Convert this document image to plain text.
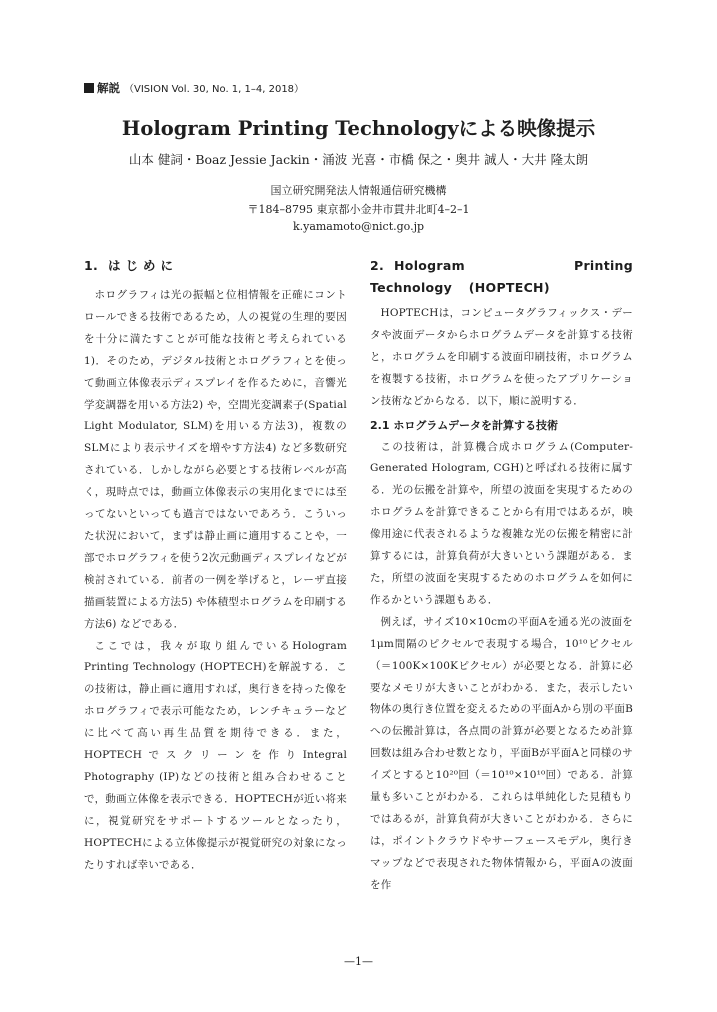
解説 （VISION Vol. 30, No. 1, 1–4, 2018）
Hologram Printing Technologyによる映像提示
山本 健詞・Boaz Jessie Jackin・涌波 光喜・市橋 保之・奥井 誠人・大井 隆太朗
国立研究開発法人情報通信研究機構
〒184–8795 東京都小金井市貫井北町4–2–1
k.yamamoto@nict.go.jp
1. はじめに

ホログラフィは光の振幅と位相情報を正確にコントロールできる技術であるため，人の視覚の生理的要因を十分に満たすことが可能な技術と考えられている1)．そのため，デジタル技術とホログラフィとを使って動画立体像表示ディスプレイを作るために，音響光学変調器を用いる方法2) や，空間光変調素子(Spatial Light Modulator, SLM)を用いる方法3)，複数のSLMにより表示サイズを増やす方法4) など多数研究されている．しかしながら必要とする技術レベルが高く，現時点では，動画立体像表示の実用化までには至ってないといっても過言ではないであろう．こういった状況において，まずは静止画に適用することや，一部でホログラフィを使う2次元動画ディスプレイなどが検討されている．前者の一例を挙げると，レーザ直接描画装置による方法5) や体積型ホログラムを印刷する方法6) などである．

ここでは，我々が取り組んでいるHologram Printing Technology (HOPTECH)を解説する．この技術は，静止画に適用すれば，奥行きを持った像をホログラフィで表示可能なため，レンチキュラーなどに比べて高い再生品質を期待できる．また，HOPTECHでスクリーンを作りIntegral Photography (IP)などの技術と組み合わせることで，動画立体像を表示できる．HOPTECHが近い将来に，視覚研究をサポートするツールとなったり，HOPTECHによる立体像提示が視覚研究の対象になったりすれば幸いである．

2. Hologram Printing Technology (HOPTECH)

HOPTECHは，コンピュータグラフィックス・データや波面データからホログラムデータを計算する技術と，ホログラムを印刷する波面印刷技術，ホログラムを複製する技術，ホログラムを使ったアプリケーション技術などからなる．以下，順に説明する．

2.1 ホログラムデータを計算する技術

この技術は，計算機合成ホログラム(Computer-Generated Hologram, CGH)と呼ばれる技術に属する．光の伝搬を計算や，所望の波面を実現するためのホログラムを計算できることから有用ではあるが，映像用途に代表されるような複雑な光の伝搬を精密に計算するには，計算負荷が大きいという課題がある．また，所望の波面を実現するためのホログラムを如何に作るかという課題もある．

例えば，サイズ10×10cmの平面Aを通る光の波面を1μm間隔のピクセルで表現する場合，10¹⁰ピクセル（＝100K×100Kピクセル）が必要となる．計算に必要なメモリが大きいことがわかる．また，表示したい物体の奥行き位置を変えるための平面Aから別の平面Bへの伝搬計算は，各点間の計算が必要となるため計算回数は組み合わせ数となり，平面Bが平面Aと同様のサイズとすると10²⁰回（＝10¹⁰×10¹⁰回）である．計算量も多いことがわかる．これらは単純化した見積もりではあるが，計算負荷が大きいことがわかる．さらには，ポイントクラウドやサーフェースモデル，奥行きマップなどで表現された物体情報から，平面Aの波面を作

—1—
